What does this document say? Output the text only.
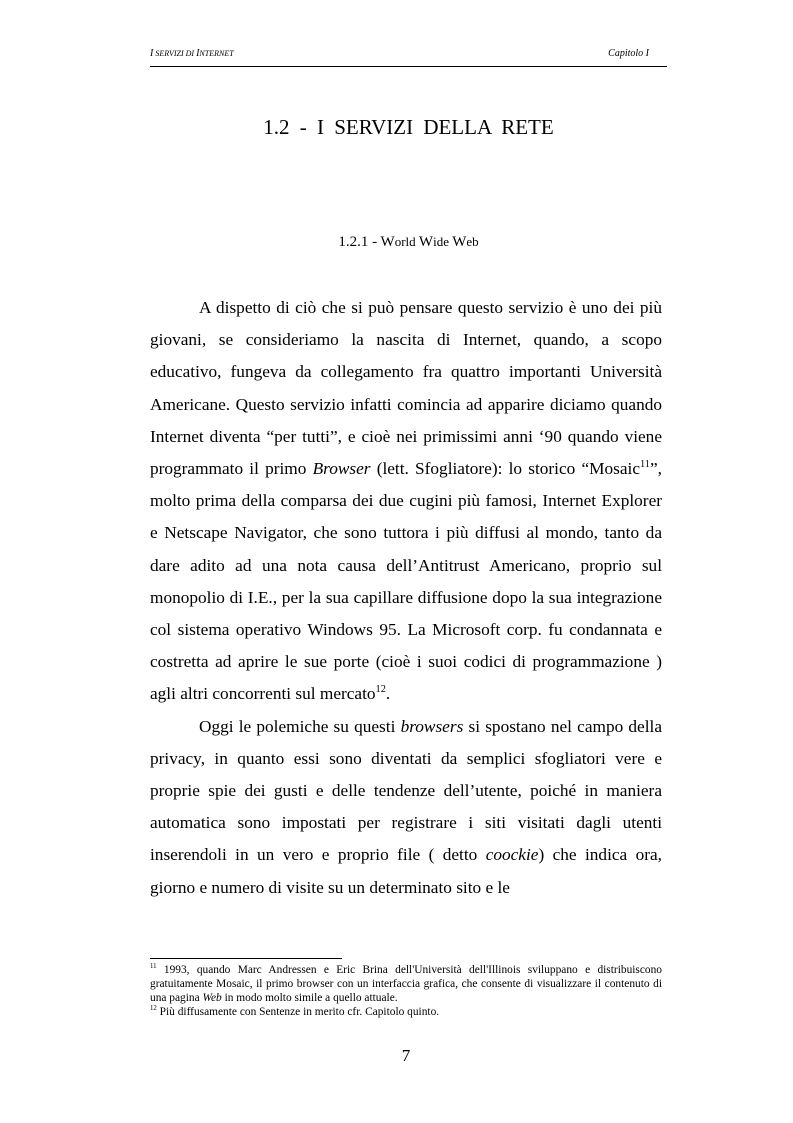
I SERVIZI DI INTERNET	Capitolo I
1.2 - I SERVIZI DELLA RETE
1.2.1 - World Wide Web

A dispetto di ciò che si può pensare questo servizio è uno dei più giovani, se consideriamo la nascita di Internet, quando, a scopo educativo, fungeva da collegamento fra quattro importanti Università Americane. Questo servizio infatti comincia ad apparire diciamo quando Internet diventa “per tutti”, e cioè nei primissimi anni ‘90 quando viene programmato il primo Browser (lett. Sfogliatore): lo storico “Mosaic$^{11}$”, molto prima della comparsa dei due cugini più famosi, Internet Explorer e Netscape Navigator, che sono tuttora i più diffusi al mondo, tanto da dare adito ad una nota causa dell’Antitrust Americano, proprio sul monopolio di I.E., per la sua capillare diffusione dopo la sua integrazione col sistema operativo Windows 95. La Microsoft corp. fu condannata e costretta ad aprire le sue porte (cioè i suoi codici di programmazione ) agli altri concorrenti sul mercato$^{12}$.

Oggi le polemiche su questi browsers si spostano nel campo della privacy, in quanto essi sono diventati da semplici sfogliatori vere e proprie spie dei gusti e delle tendenze dell’utente, poiché in maniera automatica sono impostati per registrare i siti visitati dagli utenti inserendoli in un vero e proprio file ( detto coockie) che indica ora, giorno e numero di visite su un determinato sito e le

$^{11}$ 1993, quando Marc Andressen e Eric Brina dell'Università dell'Illinois sviluppano e distribuiscono gratuitamente Mosaic, il primo browser con un interfaccia grafica, che consente di visualizzare il contenuto di una pagina Web in modo molto simile a quello attuale.

$^{12}$ Più diffusamente con Sentenze in merito cfr. Capitolo quinto.

7
